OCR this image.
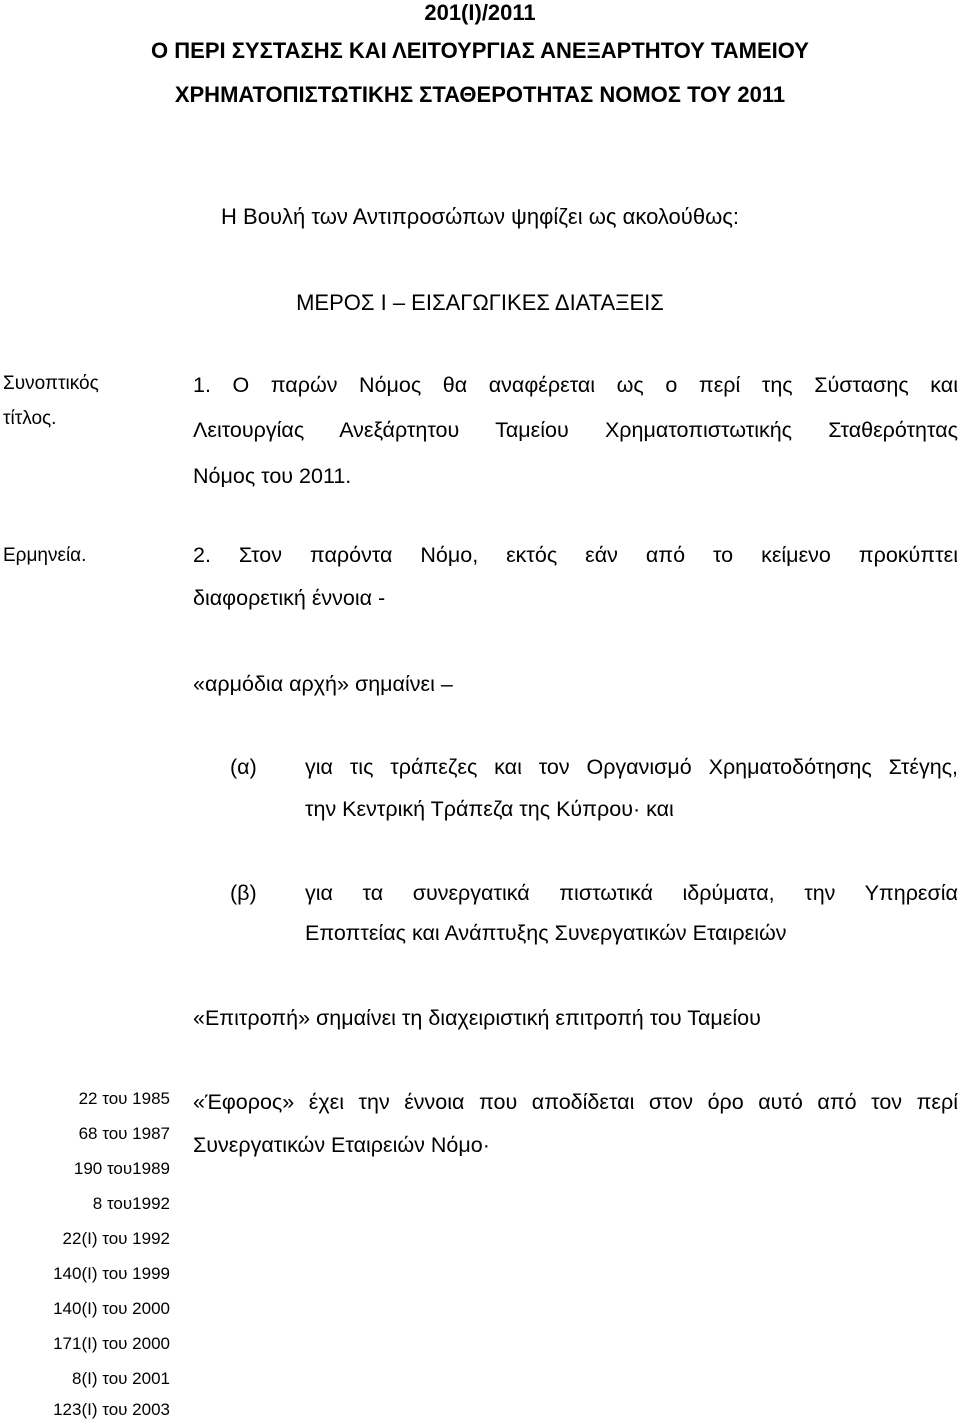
201(Ι)/2011
Ο ΠΕΡΙ ΣΥΣΤΑΣΗΣ ΚΑΙ ΛΕΙΤΟΥΡΓΙΑΣ ΑΝΕΞΑΡΤΗΤΟΥ ΤΑΜΕΙΟΥ
ΧΡΗΜΑΤΟΠΙΣΤΩΤΙΚΗΣ ΣΤΑΘΕΡΟΤΗΤΑΣ ΝΟΜΟΣ ΤΟΥ 2011
Η Βουλή των Αντιπροσώπων ψηφίζει ως ακολούθως:
ΜΕΡΟΣ Ι – ΕΙΣΑΓΩΓΙΚΕΣ ΔΙΑΤΑΞΕΙΣ
Συνοπτικός
τίτλος.
1. Ο παρών Νόμος θα αναφέρεται ως ο περί της Σύστασης και
Λειτουργίας Ανεξάρτητου Ταμείου Χρηματοπιστωτικής Σταθερότητας
Νόμος του 2011.
Ερμηνεία.	2. Στον παρόντα Νόμο, εκτός εάν από το κείμενο προκύπτει
διαφορετική έννοια -
«αρμόδια αρχή» σημαίνει –
(α) για τις τράπεζες και τον Οργανισμό Χρηματοδότησης Στέγης,
την Κεντρική Τράπεζα της Κύπρου· και
(β) για τα συνεργατικά πιστωτικά ιδρύματα, την Υπηρεσία
Εποπτείας και Ανάπτυξης Συνεργατικών Εταιρειών
«Επιτροπή» σημαίνει τη διαχειριστική επιτροπή του Ταμείου
«Έφορος» έχει την έννοια που αποδίδεται στον όρο αυτό από τον περί
Συνεργατικών Εταιρειών Νόμο·
22 του 1985
68 του 1987
190 του1989
8 του1992
22(Ι) του 1992
140(Ι) του 1999
140(Ι) του 2000
171(Ι) του 2000
8(Ι) του 2001
123(Ι) του 2003
